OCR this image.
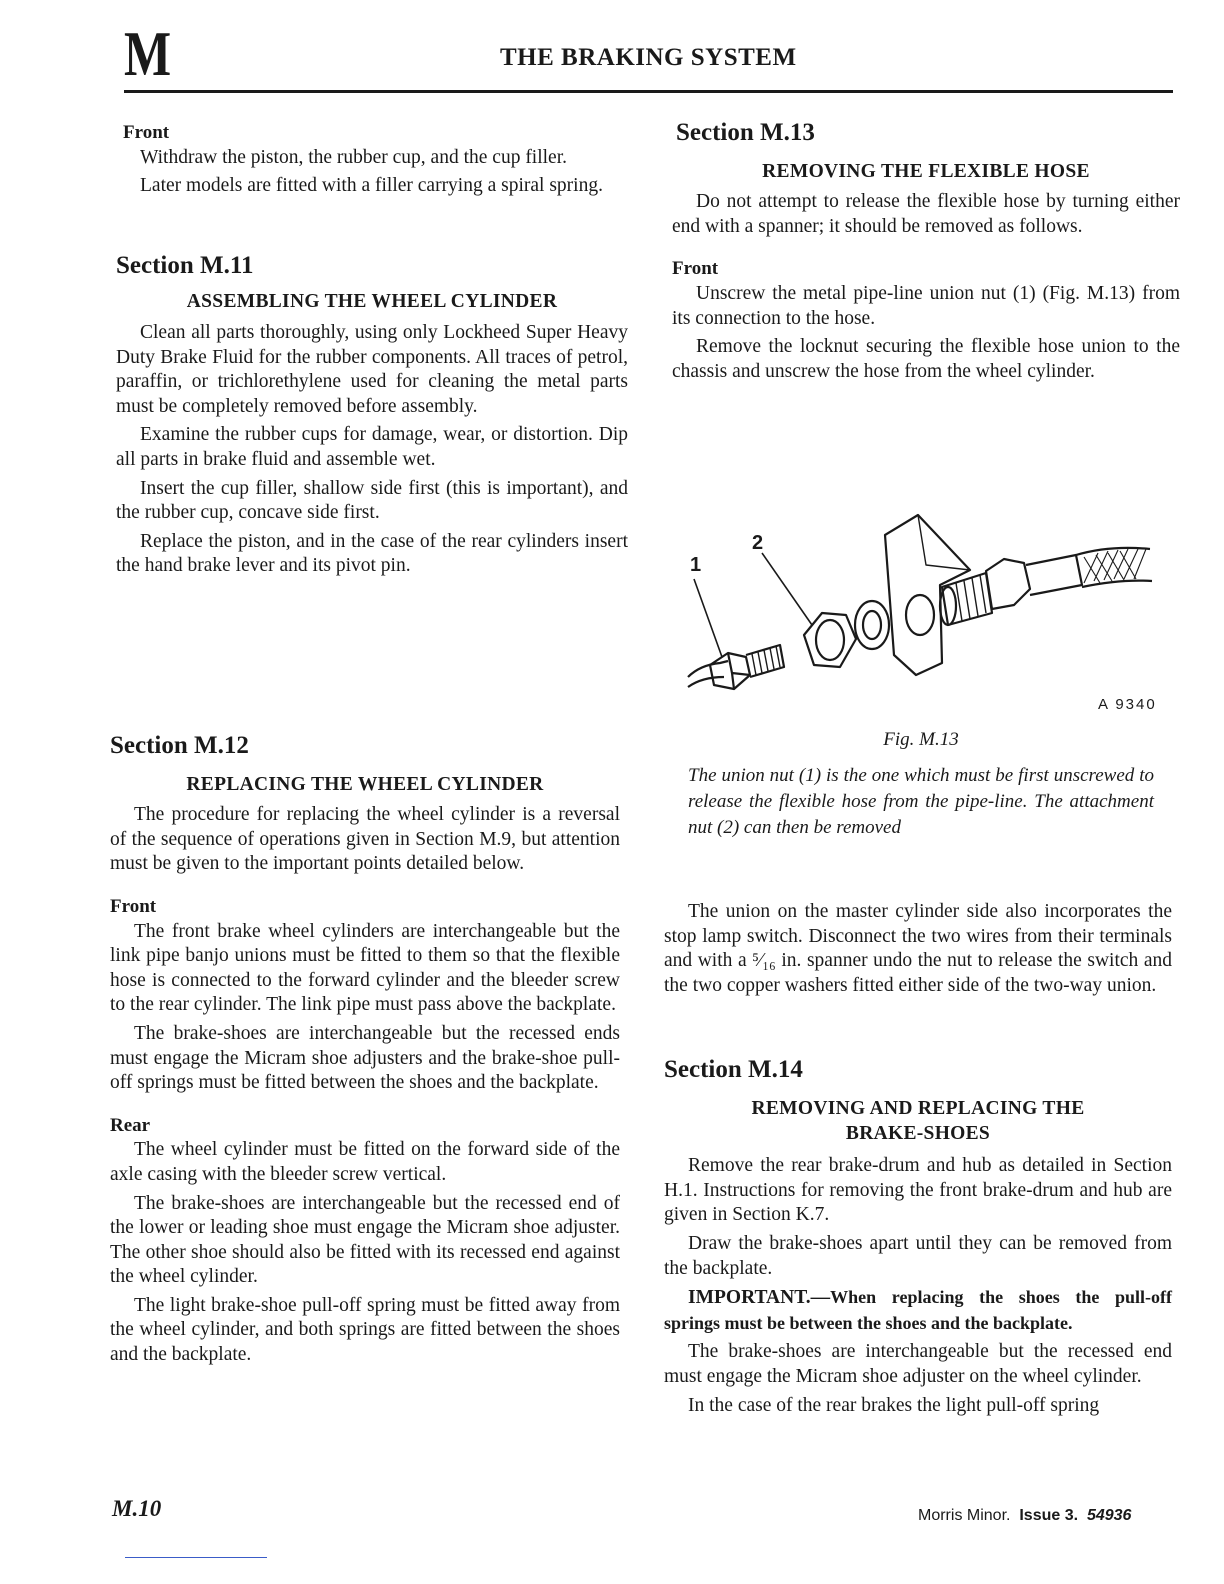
M	THE BRAKING SYSTEM
Front

Withdraw the piston, the rubber cup, and the cup filler.

Later models are fitted with a filler carrying a spiral spring.

Section M.11
ASSEMBLING THE WHEEL CYLINDER

Clean all parts thoroughly, using only Lockheed Super Heavy Duty Brake Fluid for the rubber components. All traces of petrol, paraffin, or trichlorethylene used for cleaning the metal parts must be completely removed before assembly.

Examine the rubber cups for damage, wear, or distortion. Dip all parts in brake fluid and assemble wet.

Insert the cup filler, shallow side first (this is important), and the rubber cup, concave side first.

Replace the piston, and in the case of the rear cylinders insert the hand brake lever and its pivot pin.

Section M.12
REPLACING THE WHEEL CYLINDER

The procedure for replacing the wheel cylinder is a reversal of the sequence of operations given in Section M.9, but attention must be given to the important points detailed below.

Front

The front brake wheel cylinders are interchangeable but the link pipe banjo unions must be fitted to them so that the flexible hose is connected to the forward cylinder and the bleeder screw to the rear cylinder. The link pipe must pass above the backplate.

The brake-shoes are interchangeable but the recessed ends must engage the Micram shoe adjusters and the brake-shoe pull-off springs must be fitted between the shoes and the backplate.

Rear

The wheel cylinder must be fitted on the forward side of the axle casing with the bleeder screw vertical.

The brake-shoes are interchangeable but the recessed end of the lower or leading shoe must engage the Micram shoe adjuster. The other shoe should also be fitted with its recessed end against the wheel cylinder.

The light brake-shoe pull-off spring must be fitted away from the wheel cylinder, and both springs are fitted between the shoes and the backplate.

Section M.13
REMOVING THE FLEXIBLE HOSE

Do not attempt to release the flexible hose by turning either end with a spanner; it should be removed as follows.

Front

Unscrew the metal pipe-line union nut (1) (Fig. M.13) from its connection to the hose.

Remove the locknut securing the flexible hose union to the chassis and unscrew the hose from the wheel cylinder.

1
2
A 9340
Fig. M.13
The union nut (1) is the one which must be first unscrewed to release the flexible hose from the pipe-line. The attachment nut (2) can then be removed

The union on the master cylinder side also incorporates the stop lamp switch. Disconnect the two wires from their terminals and with a ⁵⁄₁₆ in. spanner undo the nut to release the switch and the two copper washers fitted either side of the two-way union.

Section M.14
REMOVING AND REPLACING THE
BRAKE-SHOES

Remove the rear brake-drum and hub as detailed in Section H.1. Instructions for removing the front brake-drum and hub are given in Section K.7.

Draw the brake-shoes apart until they can be removed from the backplate.

IMPORTANT.—When replacing the shoes the pull-off springs must be between the shoes and the backplate.

The brake-shoes are interchangeable but the recessed end must engage the Micram shoe adjuster on the wheel cylinder.

In the case of the rear brakes the light pull-off spring

M.10	Morris Minor. Issue 3. 54936
